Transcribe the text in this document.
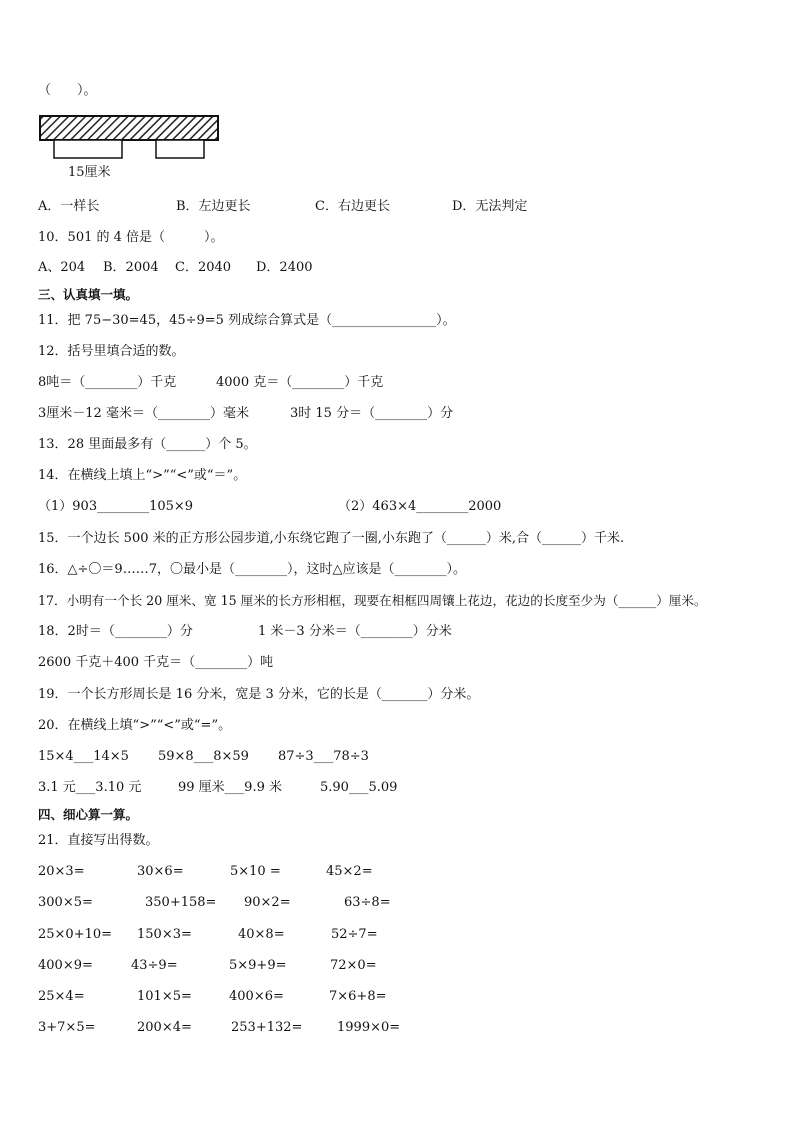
（　　）。
15厘米
A．一样长	B．左边更长	C．右边更长	D．无法判定
10．501 的 4 倍是（　　　）。
A、204 B．2004 C．2040 D．2400
三、认真填一填。
11．把 75−30=45，45÷9=5 列成综合算式是（________________）。
12．括号里填合适的数。
8吨＝（________）千克	4000 克＝（________）千克
3厘米－12 毫米＝（________）毫米	3时 15 分＝（________）分
13．28 里面最多有（______）个 5。
14．在横线上填上“>”“<”或“＝”。
（1）903________105×9	（2）463×4________2000
15．一个边长 500 米的正方形公园步道,小东绕它跑了一圈,小东跑了（______）米,合（______）千米.
16．△÷〇＝9……7，〇最小是（________），这时△应该是（________）。
17．小明有一个长 20 厘米、宽 15 厘米的长方形相框，现要在相框四周镶上花边，花边的长度至少为（______）厘米。
18．2时＝（________）分	1 米－3 分米＝（________）分米
2600 千克＋400 千克＝（________）吨
19．一个长方形周长是 16 分米，宽是 3 分米，它的长是（_______）分米。
20．在横线上填“>”“<”或“=”。
15×4___14×5 59×8___8×59 87÷3___78÷3
3.1 元___3.10 元	99 厘米___9.9 米	5.90___5.09
四、细心算一算。
21．直接写出得数。
20×3=	30×6=	5×10 =	45×2=
300×5=	350+158= 90×2=	63÷8=
25×0+10= 150×3=	40×8=	52÷7=
400×9=	43÷9=	5×9+9=	72×0=
25×4=	101×5=	400×6=	7×6+8=
3+7×5=	200×4=	253+132=	1999×0=
